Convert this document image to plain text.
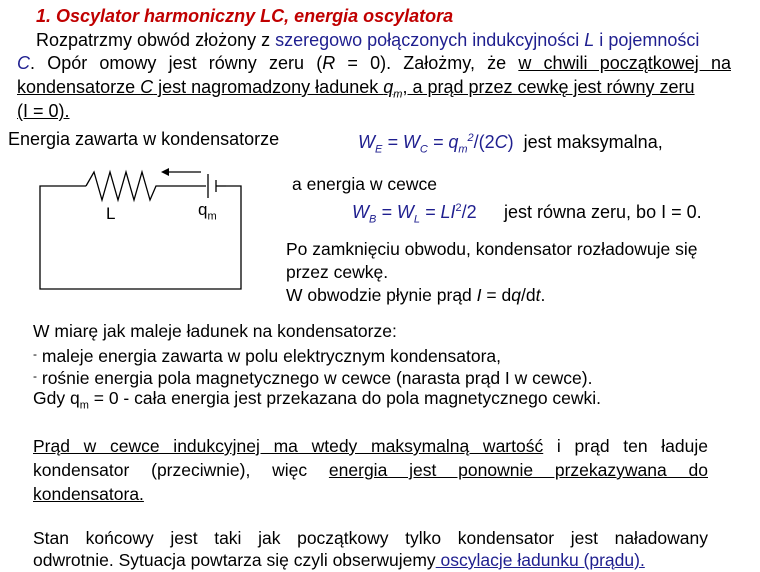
1. Oscylator harmoniczny LC, energia oscylatora
Rozpatrzmy obwód złożony z szeregowo połączonych indukcyjności L i pojemności
C. Opór omowy jest równy zeru (R = 0). Założmy, że w chwili początkowej na
kondensatorze C jest nagromadzony ładunek $q_m$, a prąd przez cewkę jest równy zeru
(I = 0).
Energia zawarta w kondensatorze	$W_E = W_C = q_m^2/(2C)$  jest maksymalna,
L	$q_m$
a energia w cewce
$W_B = W_L = LI^2/2$ jest równa zeru, bo I = 0.
Po zamknięciu obwodu, kondensator rozładowuje się
przez cewkę.
W obwodzie płynie prąd I = dq/dt.
W miarę jak maleje ładunek na kondensatorze:
- maleje energia zawarta w polu elektrycznym kondensatora,
- rośnie energia pola magnetycznego w cewce (narasta prąd I w cewce).
Gdy $q_m = 0$ - cała energia jest przekazana do pola magnetycznego cewki.
Prąd w cewce indukcyjnej ma wtedy maksymalną wartość i prąd ten ładuje
kondensator (przeciwnie), więc energia jest ponownie przekazywana do
kondensatora.
Stan końcowy jest taki jak początkowy tylko kondensator jest naładowany
odwrotnie. Sytuacja powtarza się czyli obserwujemy oscylacje ładunku (prądu).
